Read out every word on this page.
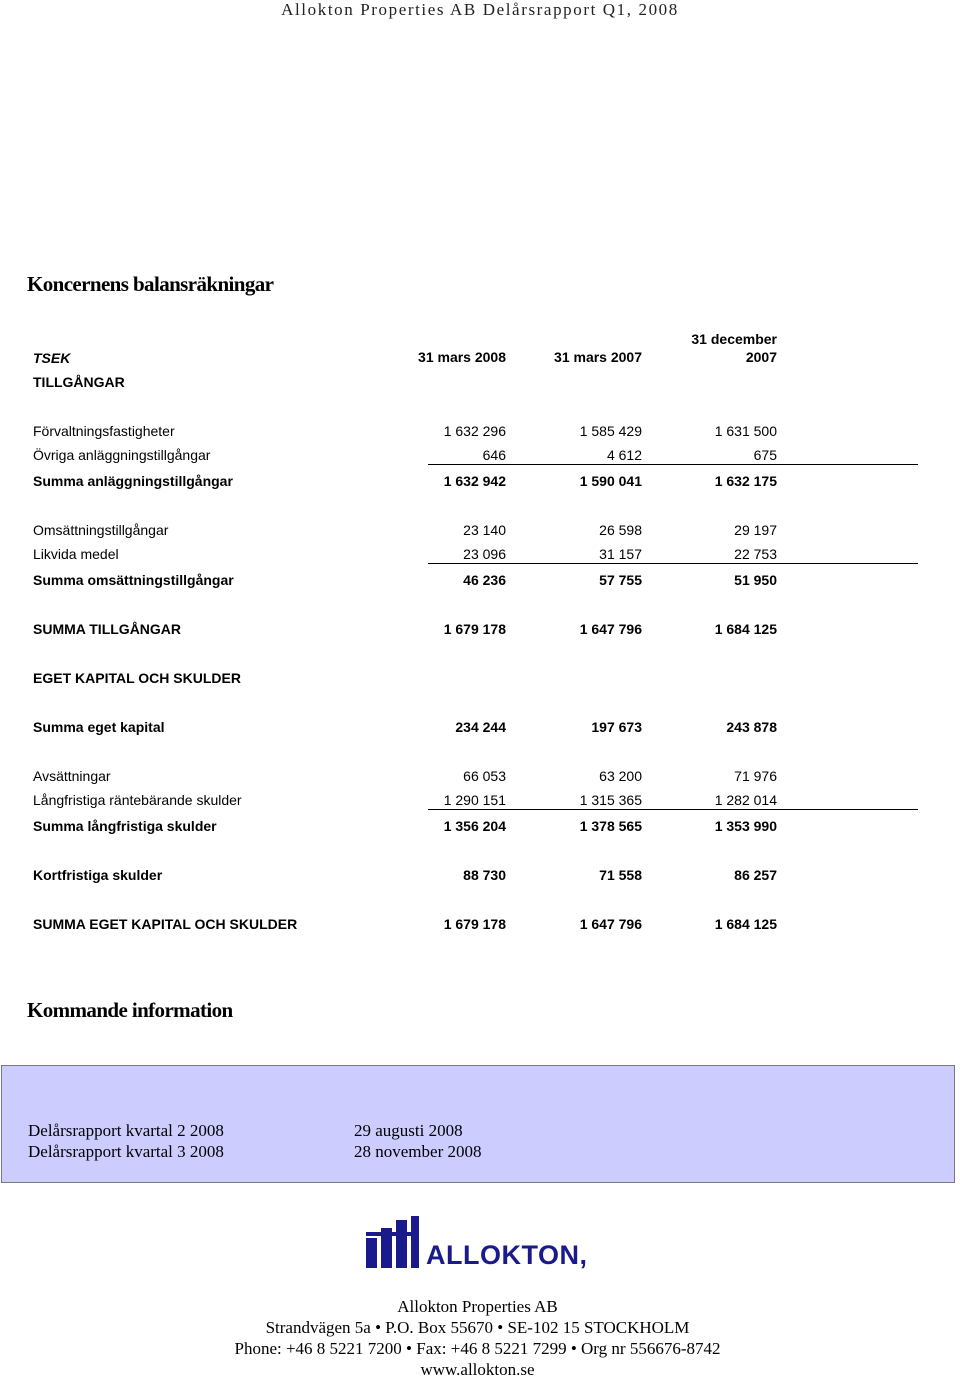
Allokton Properties AB Delårsrapport Q1, 2008
Koncernens balansräkningar
31 december
TSEK	31 mars 2008	31 mars 2007	2007
TILLGÅNGAR
Förvaltningsfastigheter	1 632 296	1 585 429	1 631 500
Övriga anläggningstillgångar	646	4 612	675
Summa anläggningstillgångar	1 632 942	1 590 041	1 632 175
Omsättningstillgångar	23 140	26 598	29 197
Likvida medel	23 096	31 157	22 753
Summa omsättningstillgångar	46 236	57 755	51 950
SUMMA TILLGÅNGAR	1 679 178	1 647 796	1 684 125
EGET KAPITAL OCH SKULDER
Summa eget kapital	234 244	197 673	243 878
Avsättningar	66 053	63 200	71 976
Långfristiga räntebärande skulder	1 290 151	1 315 365	1 282 014
Summa långfristiga skulder	1 356 204	1 378 565	1 353 990
Kortfristiga skulder	88 730	71 558	86 257
SUMMA EGET KAPITAL OCH SKULDER	1 679 178	1 647 796	1 684 125
Kommande information
Delårsrapport kvartal 2 2008	29 augusti 2008
Delårsrapport kvartal 3 2008	28 november 2008
ALLOKTON,
Allokton Properties AB
Strandvägen 5a • P.O. Box 55670 • SE-102 15 STOCKHOLM
Phone: +46 8 5221 7200 • Fax: +46 8 5221 7299 • Org nr 556676-8742
www.allokton.se
